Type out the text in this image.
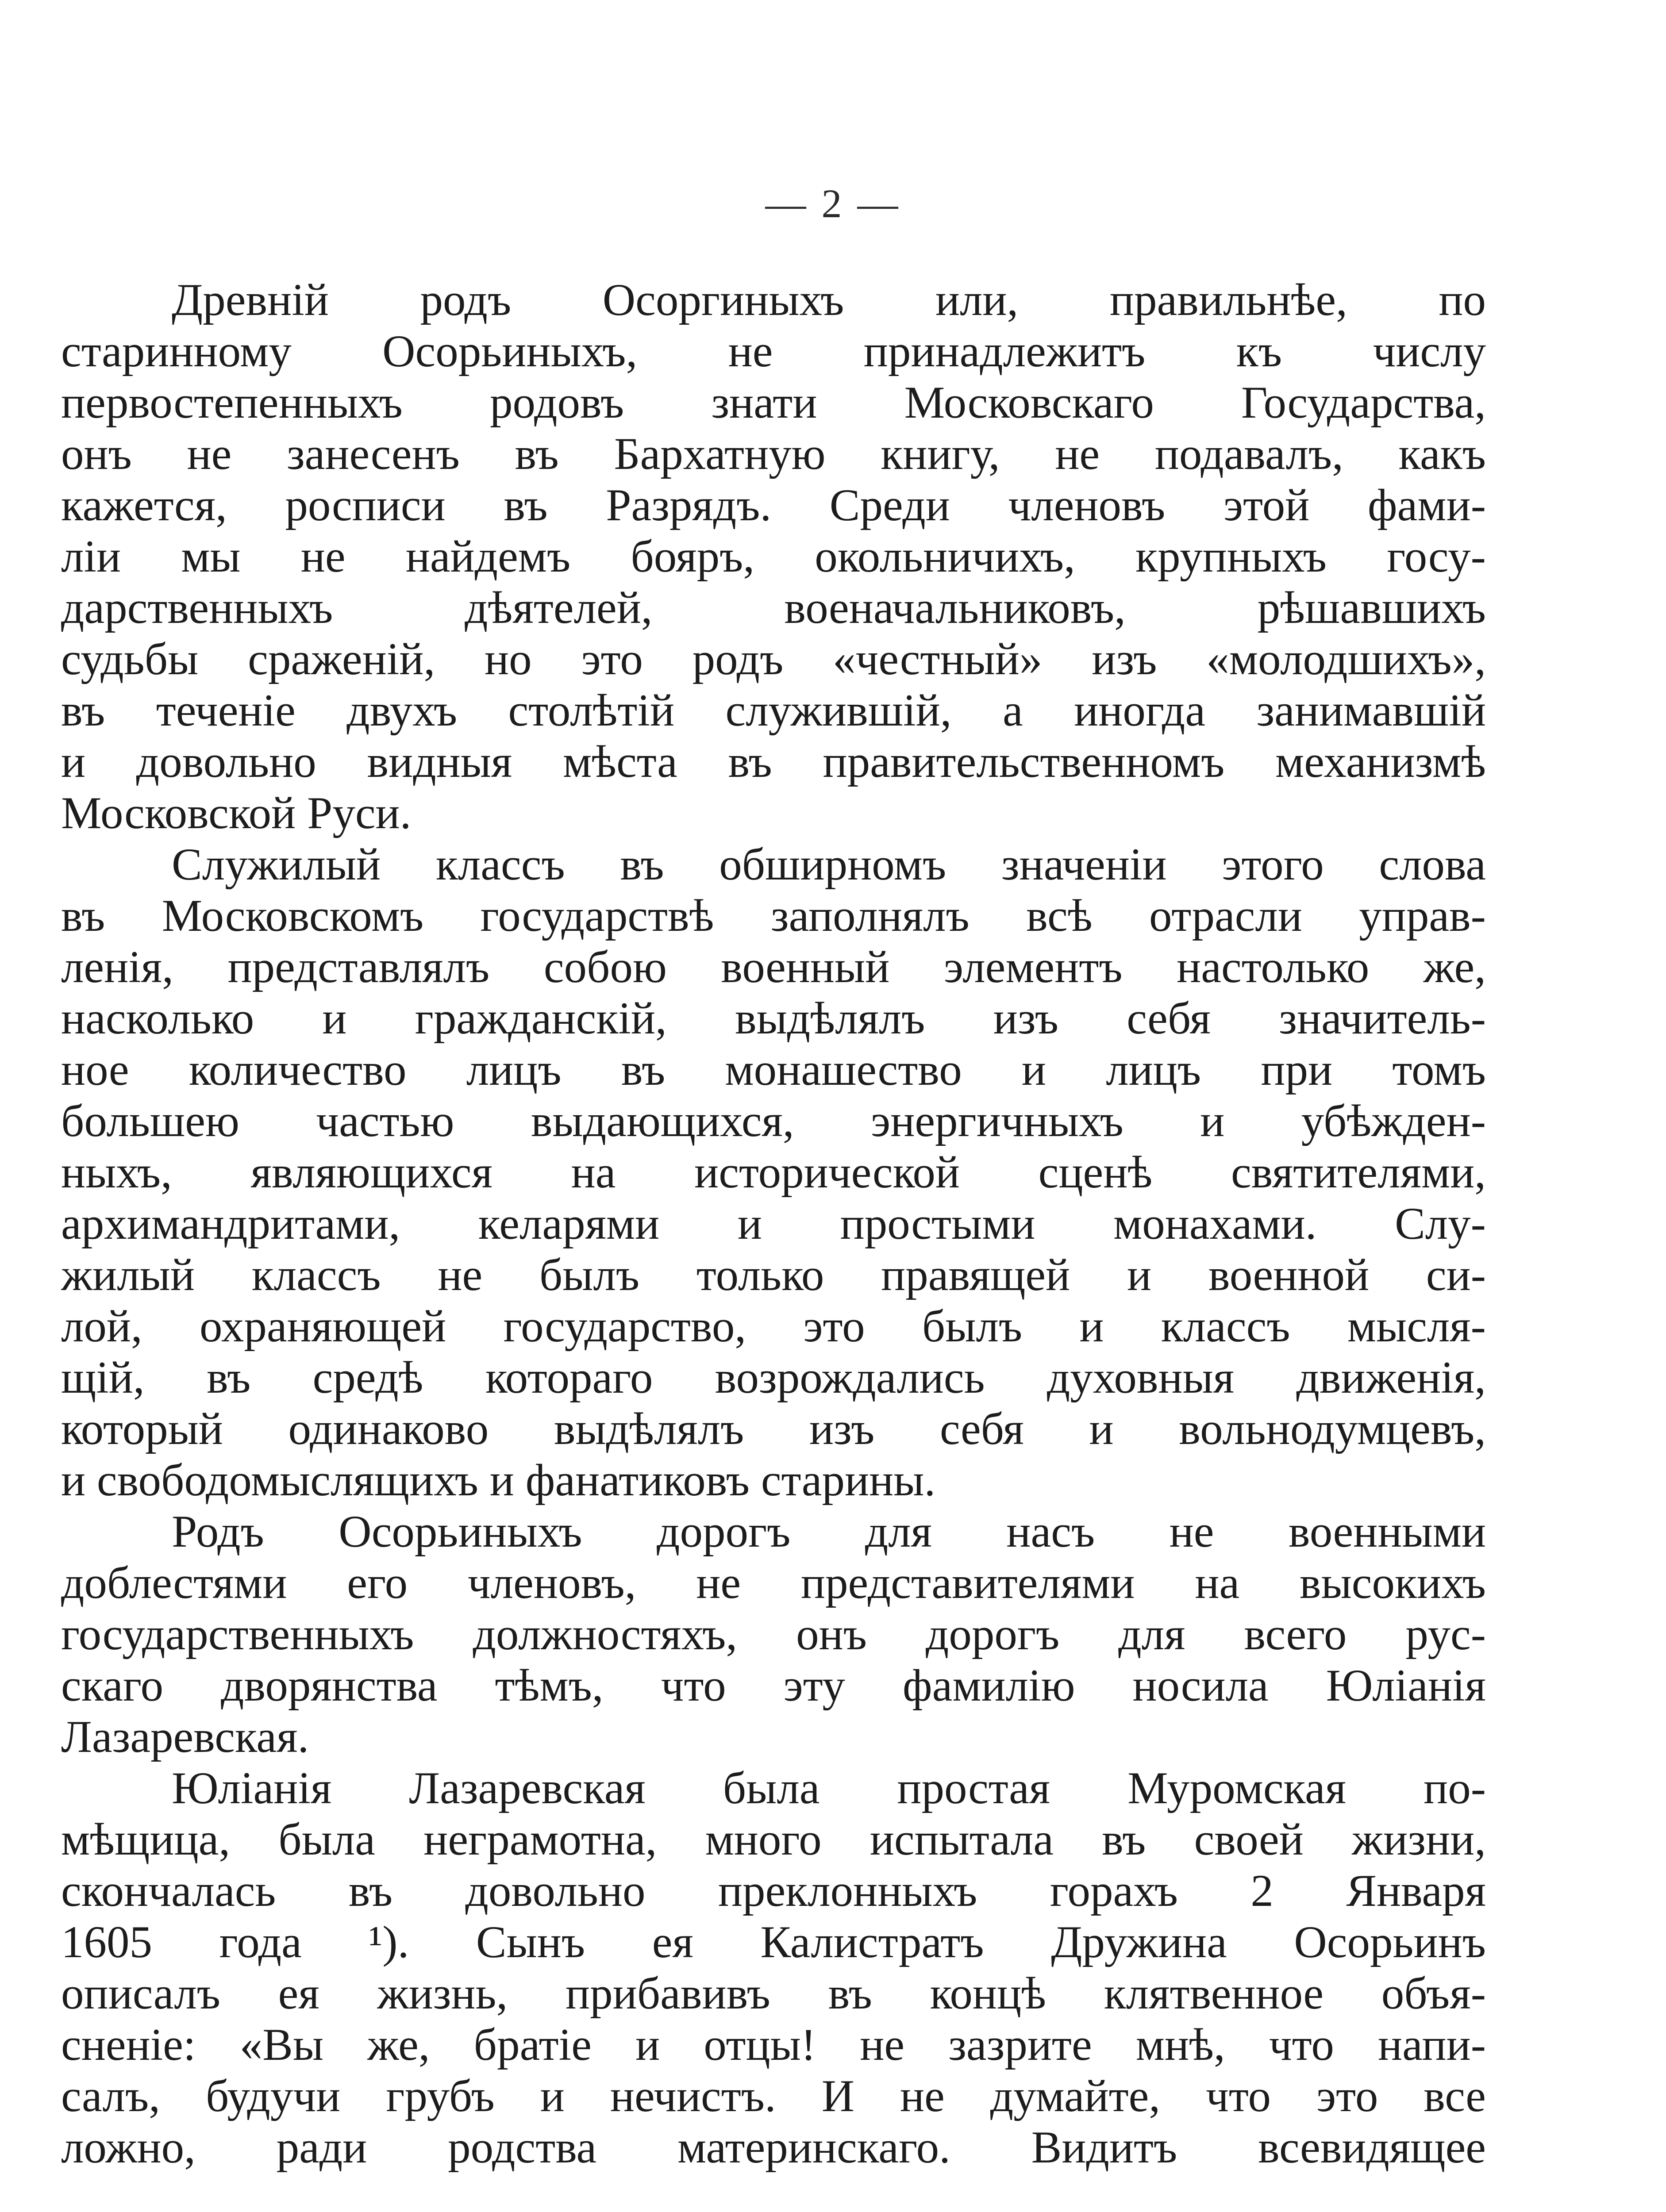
— 2 —
Древній родъ Осоргиныхъ или, правильнѣе, по
старинному Осорьиныхъ, не принадлежитъ къ числу
первостепенныхъ родовъ знати Московскаго Государства,
онъ не занесенъ въ Бархатную книгу, не подавалъ, какъ
кажется, росписи въ Разрядъ. Среди членовъ этой фами-
ліи мы не найдемъ бояръ, окольничихъ, крупныхъ госу-
дарственныхъ дѣятелей, военачальниковъ, рѣшавшихъ
судьбы сраженій, но это родъ «честный» изъ «молодшихъ»,
въ теченіе двухъ столѣтій служившій, а иногда занимавшій
и довольно видныя мѣста въ правительственномъ механизмѣ
Московской Руси.
Служилый классъ въ обширномъ значеніи этого слова
въ Московскомъ государствѣ заполнялъ всѣ отрасли управ-
ленія, представлялъ собою военный элементъ настолько же,
насколько и гражданскій, выдѣлялъ изъ себя значитель-
ное количество лицъ въ монашество и лицъ при томъ
большею частью выдающихся, энергичныхъ и убѣжден-
ныхъ, являющихся на исторической сценѣ святителями,
архимандритами, келарями и простыми монахами. Слу-
жилый классъ не былъ только правящей и военной си-
лой, охраняющей государство, это былъ и классъ мысля-
щій, въ средѣ котораго возрождались духовныя движенія,
который одинаково выдѣлялъ изъ себя и вольнодумцевъ,
и свободомыслящихъ и фанатиковъ старины.
Родъ Осорьиныхъ дорогъ для насъ не военными
доблестями его членовъ, не представителями на высокихъ
государственныхъ должностяхъ, онъ дорогъ для всего рус-
скаго дворянства тѣмъ, что эту фамилію носила Юліанія
Лазаревская.
Юліанія Лазаревская была простая Муромская по-
мѣщица, была неграмотна, много испытала въ своей жизни,
скончалась въ довольно преклонныхъ горахъ 2 Января
1605 года ¹). Сынъ ея Калистратъ Дружина Осорьинъ
описалъ ея жизнь, прибавивъ въ концѣ клятвенное объя-
сненіе: «Вы же, братіе и отцы! не зазрите мнѣ, что напи-
салъ, будучи грубъ и нечистъ. И не думайте, что это все
ложно, ради родства материнскаго. Видитъ всевидящее
